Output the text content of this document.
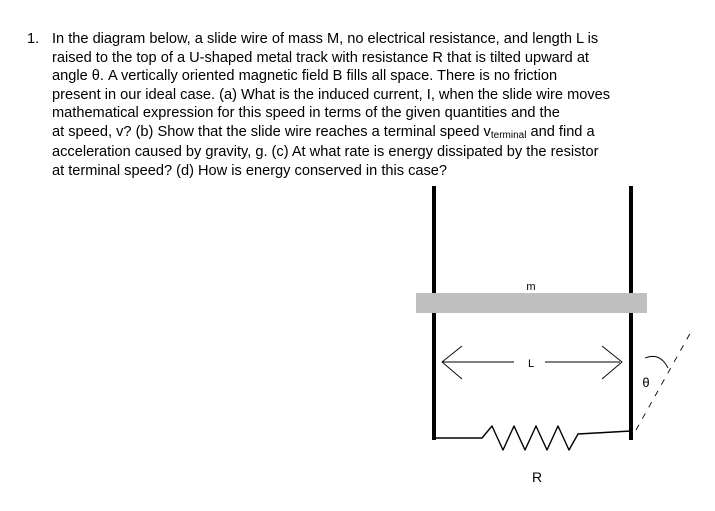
1. In the diagram below, a slide wire of mass M, no electrical resistance, and length L is
raised to the top of a U-shaped metal track with resistance R that is tilted upward at
angle θ. A vertically oriented magnetic field B fills all space. There is no friction
present in our ideal case. (a) What is the induced current, I, when the slide wire moves
mathematical expression for this speed in terms of the given quantities and the
at speed, v? (b) Show that the slide wire reaches a terminal speed vterminal and find a
acceleration caused by gravity, g. (c) At what rate is energy dissipated by the resistor
at terminal speed? (d) How is energy conserved in this case?
m
L
θ
R
